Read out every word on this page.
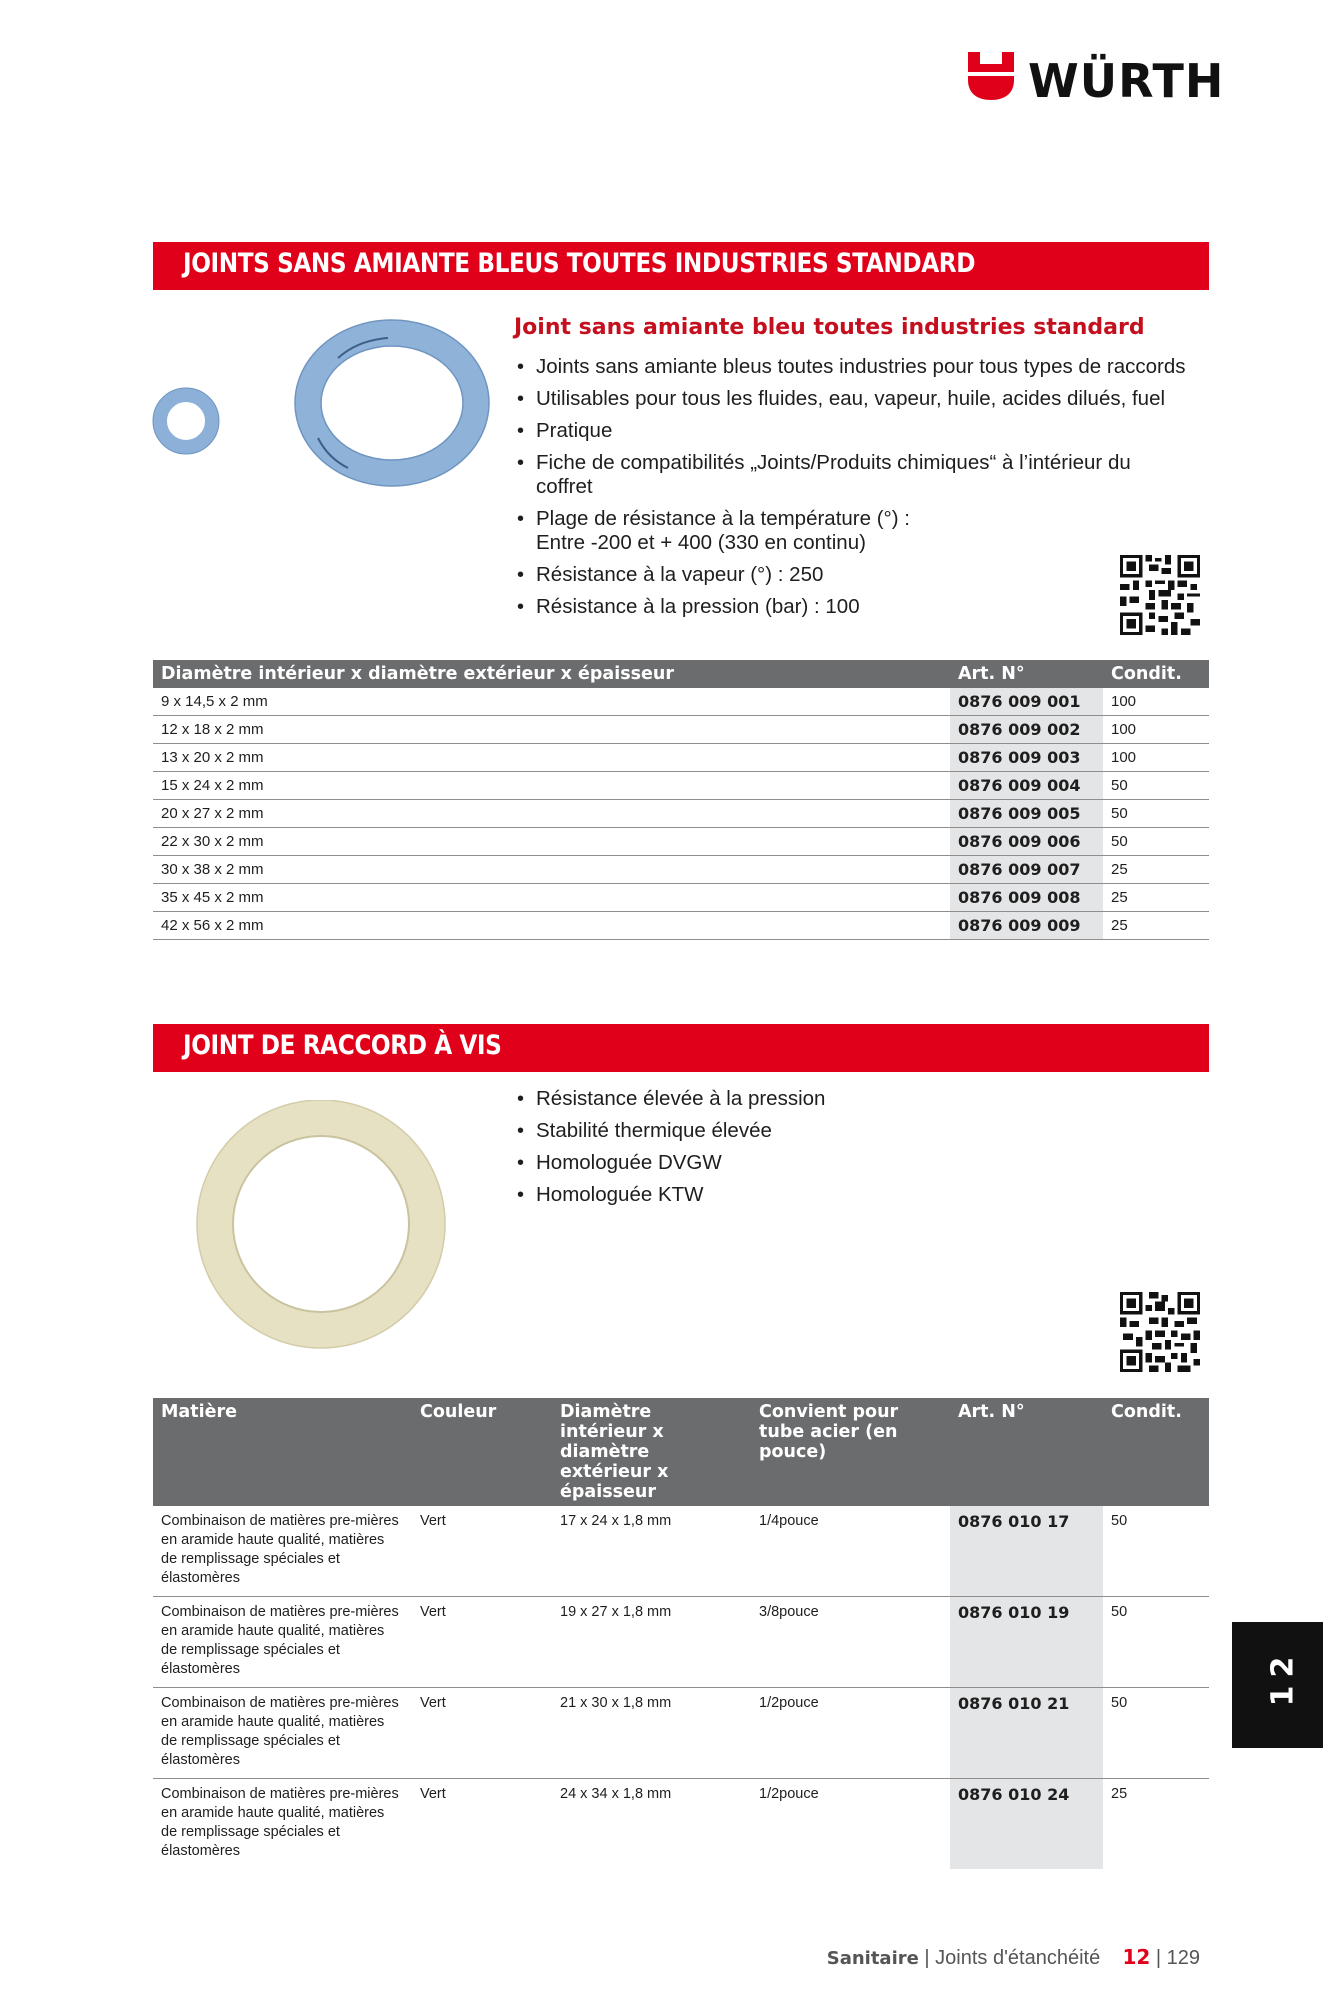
WÜRTH
JOINTS SANS AMIANTE BLEUS TOUTES INDUSTRIES STANDARD
Joint sans amiante bleu toutes industries standard
• Joints sans amiante bleus toutes industries pour tous types de raccords
• Utilisables pour tous les fluides, eau, vapeur, huile, acides dilués, fuel
• Pratique
• Fiche de compatibilités „Joints/Produits chimiques“ à l’intérieur du coffret
• Plage de résistance à la température (°) : Entre -200 et + 400 (330 en continu)
• Résistance à la vapeur (°) : 250
• Résistance à la pression (bar) : 100
Diamètre intérieur x diamètre extérieur x épaisseur	Art. N°	Condit.
9 x 14,5 x 2 mm	0876 009 001	100
12 x 18 x 2 mm	0876 009 002	100
13 x 20 x 2 mm	0876 009 003	100
15 x 24 x 2 mm	0876 009 004	50
20 x 27 x 2 mm	0876 009 005	50
22 x 30 x 2 mm	0876 009 006	50
30 x 38 x 2 mm	0876 009 007	25
35 x 45 x 2 mm	0876 009 008	25
42 x 56 x 2 mm	0876 009 009	25
JOINT DE RACCORD À VIS
• Résistance élevée à la pression
• Stabilité thermique élevée
• Homologuée DVGW
• Homologuée KTW
Matière	Couleur	Diamètre intérieur x diamètre extérieur x épaisseur	Convient pour tube acier (en pouce)	Art. N°	Condit.
Combinaison de matières pre-mières en aramide haute qualité, matières de remplissage spéciales et élastomères	Vert	17 x 24 x 1,8 mm	1/4pouce	0876 010 17	50
Combinaison de matières pre-mières en aramide haute qualité, matières de remplissage spéciales et élastomères	Vert	19 x 27 x 1,8 mm	3/8pouce	0876 010 19	50
Combinaison de matières pre-mières en aramide haute qualité, matières de remplissage spéciales et élastomères	Vert	21 x 30 x 1,8 mm	1/2pouce	0876 010 21	50
Combinaison de matières pre-mières en aramide haute qualité, matières de remplissage spéciales et élastomères	Vert	24 x 34 x 1,8 mm	1/2pouce	0876 010 24	25
12
Sanitaire | Joints d'étanchéité 12 | 129
